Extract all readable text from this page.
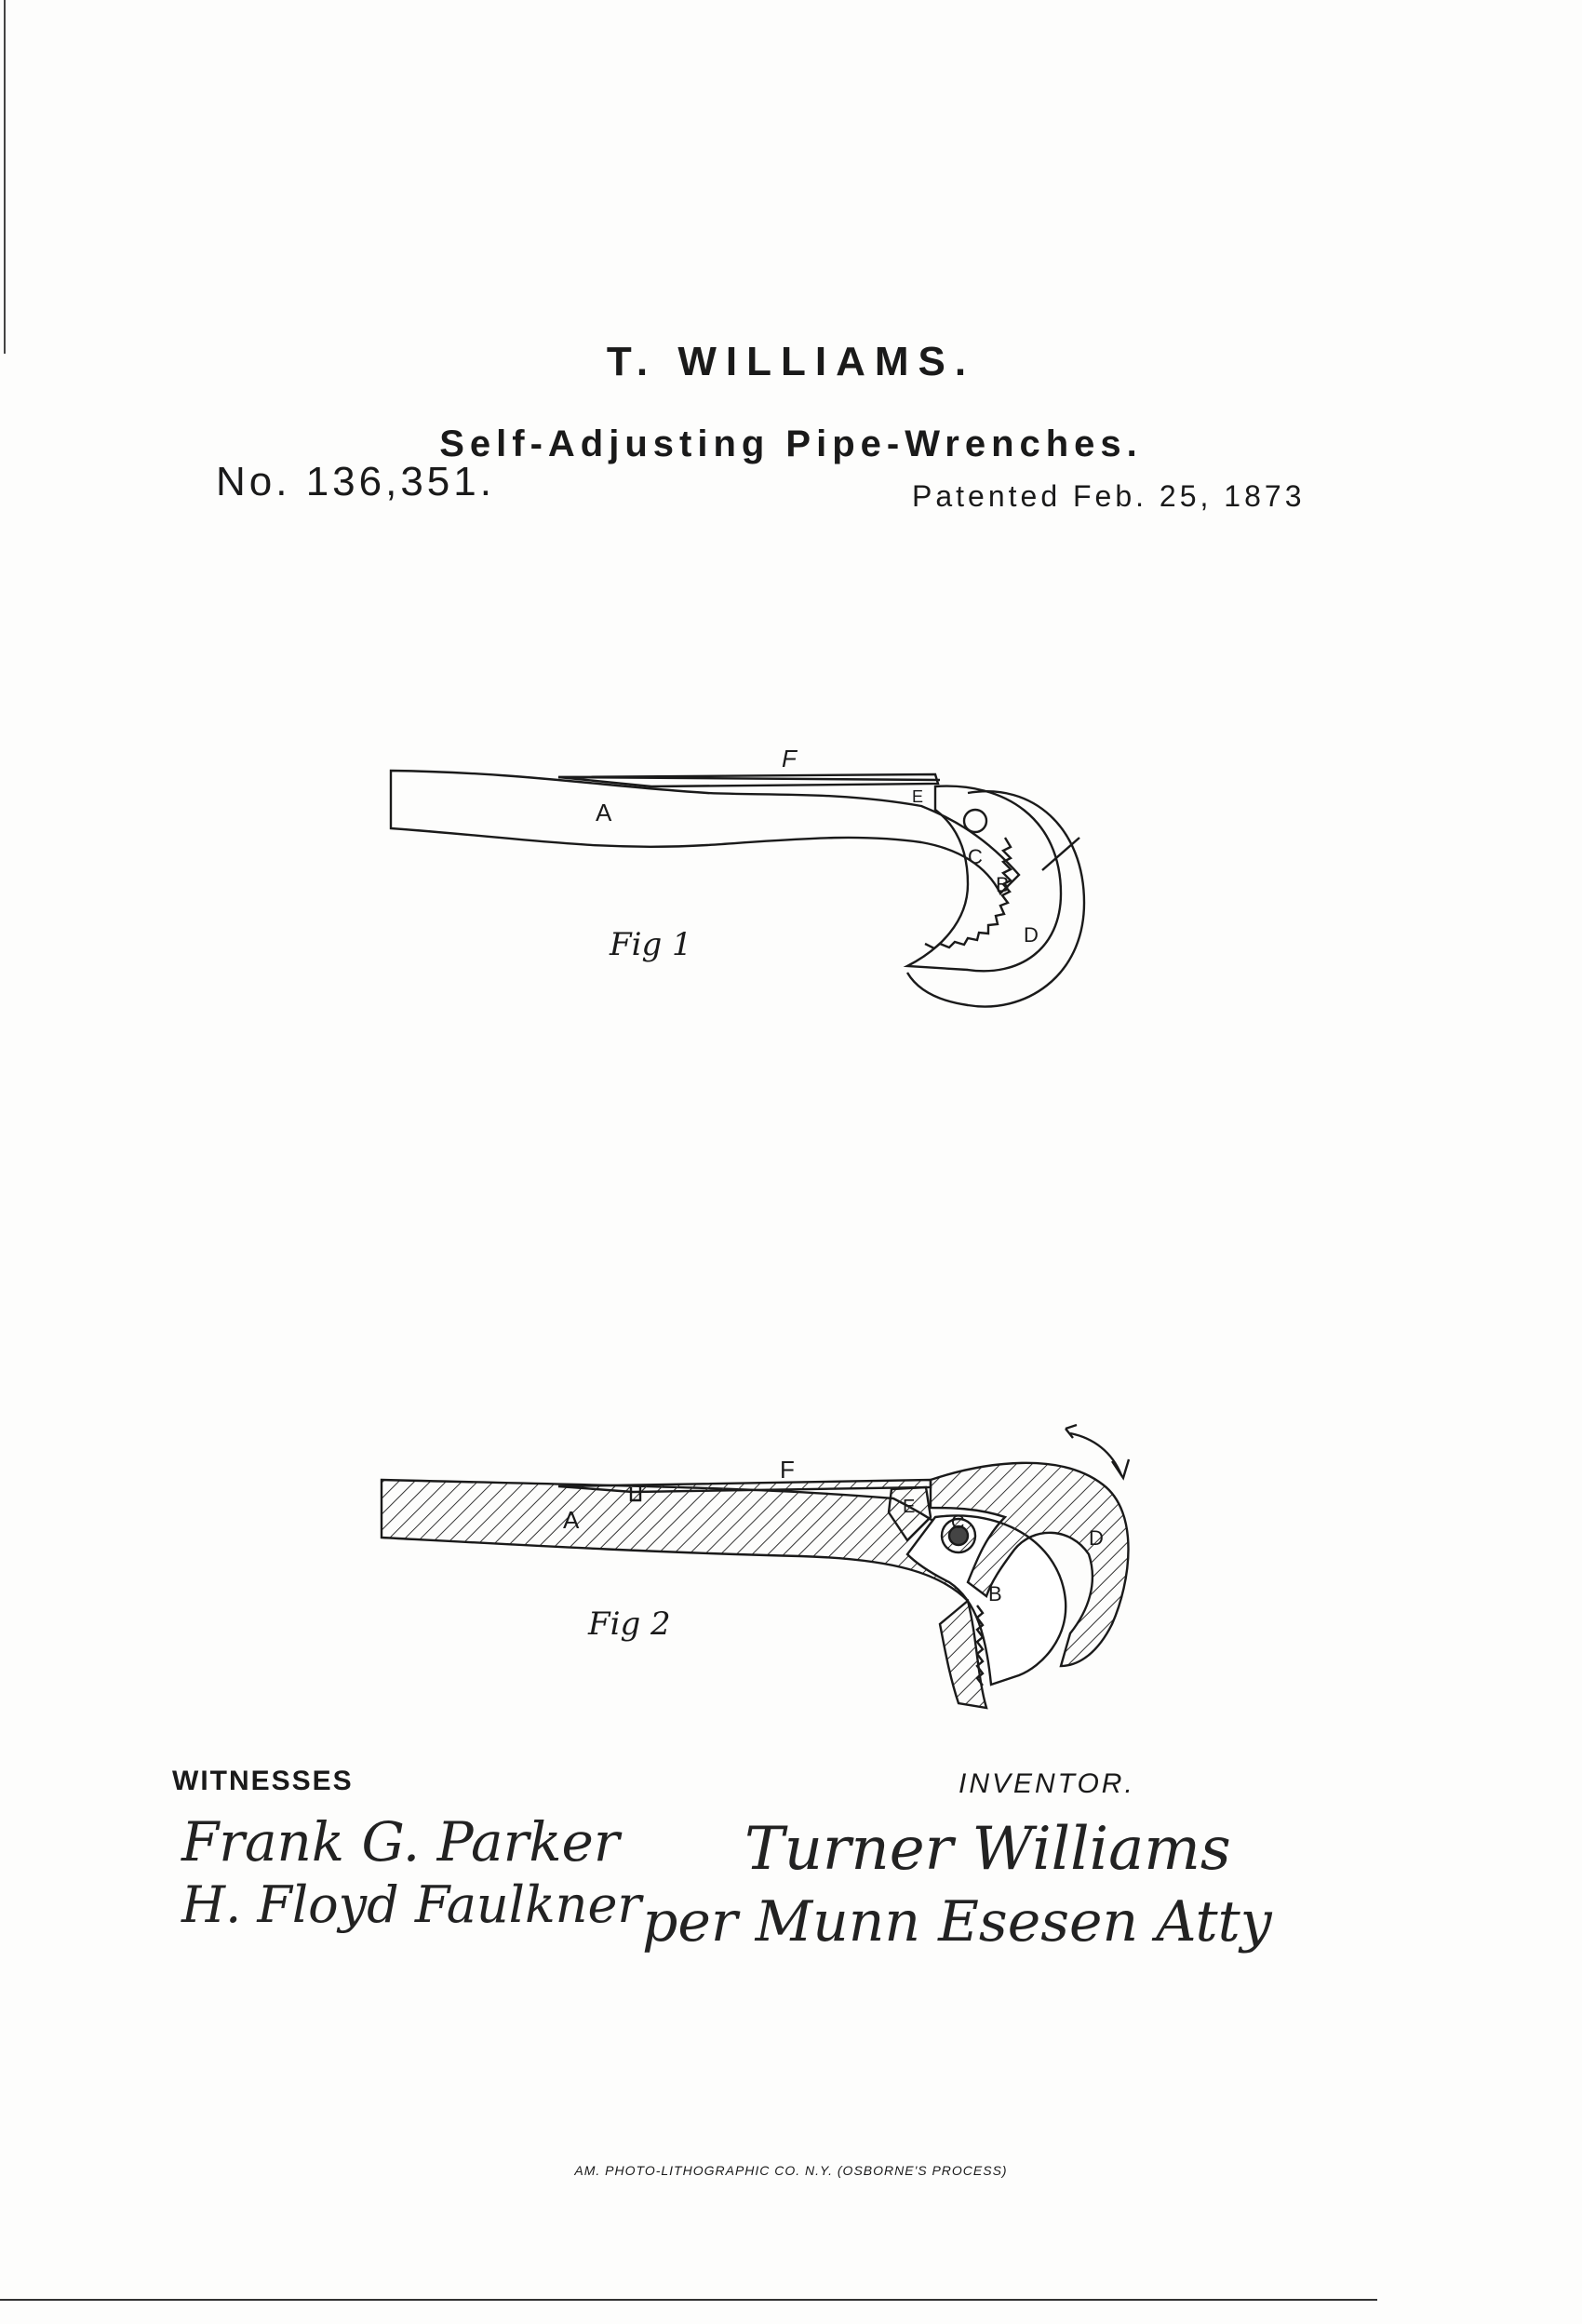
T. WILLIAMS.

Self-Adjusting Pipe-Wrenches.

No. 136,351.	Patented Feb. 25, 1873

A
F
E
C
B
D
A
F
E
C
B
D

Fig 1

Fig 2

WITNESSES	INVENTOR.

Frank G. Parker

H. Floyd Faulkner

Turner Williams

per Munn Esesen Atty

AM. PHOTO-LITHOGRAPHIC CO. N.Y. (OSBORNE'S PROCESS)
